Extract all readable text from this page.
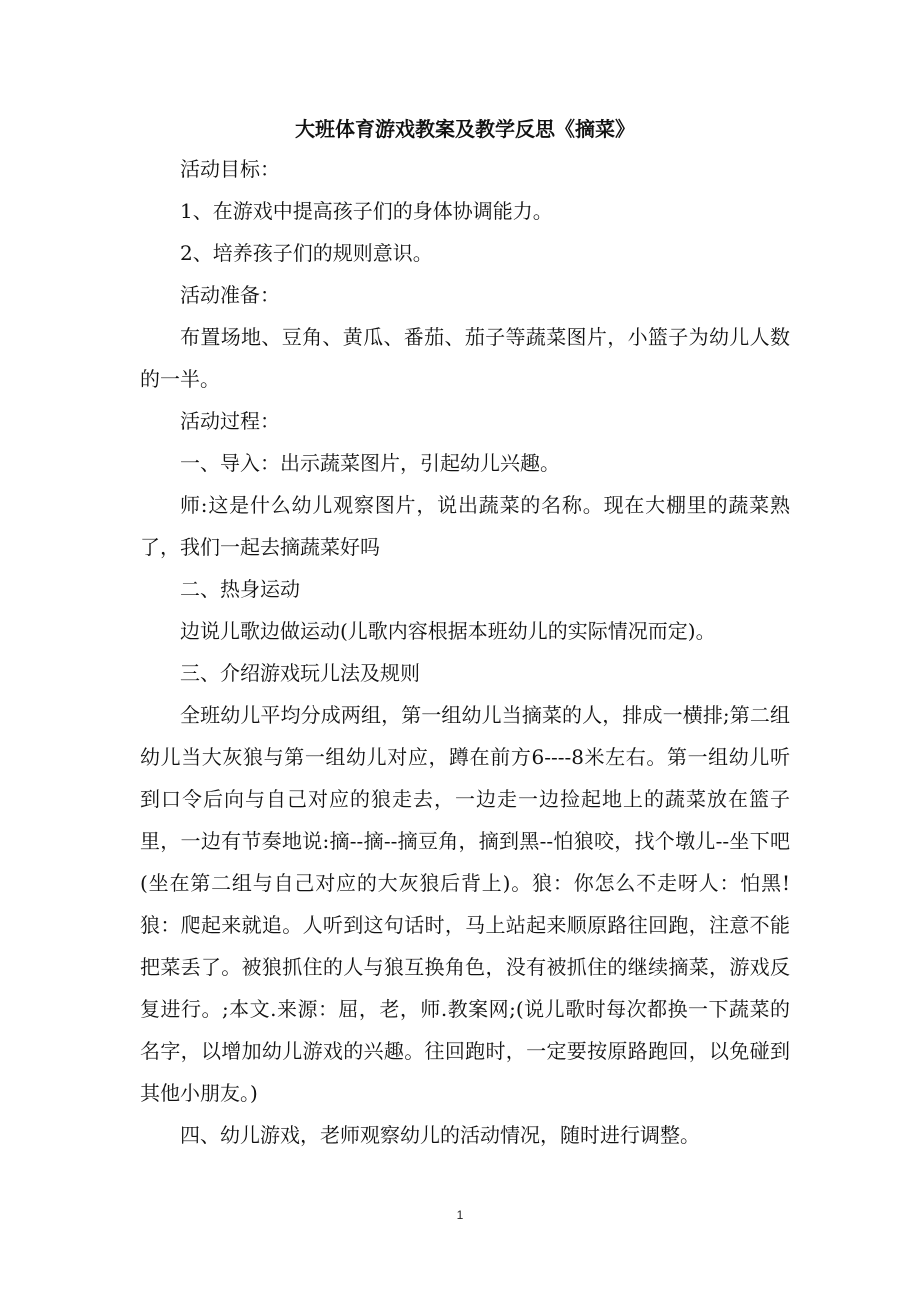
大班体育游戏教案及教学反思《摘菜》

活动目标：

1、在游戏中提高孩子们的身体协调能力。

2、培养孩子们的规则意识。

活动准备：

布置场地、豆角、黄瓜、番茄、茄子等蔬菜图片，小篮子为幼儿人数的一半。

活动过程：

一、导入：出示蔬菜图片，引起幼儿兴趣。

师:这是什么幼儿观察图片，说出蔬菜的名称。现在大棚里的蔬菜熟了，我们一起去摘蔬菜好吗

二、热身运动

边说儿歌边做运动(儿歌内容根据本班幼儿的实际情况而定)。

三、介绍游戏玩儿法及规则

全班幼儿平均分成两组，第一组幼儿当摘菜的人，排成一横排;第二组幼儿当大灰狼与第一组幼儿对应，蹲在前方6----8米左右。第一组幼儿听到口令后向与自己对应的狼走去，一边走一边捡起地上的蔬菜放在篮子里，一边有节奏地说:摘--摘--摘豆角，摘到黑--怕狼咬，找个墩儿--坐下吧(坐在第二组与自己对应的大灰狼后背上)。狼：你怎么不走呀人：怕黑!狼：爬起来就追。人听到这句话时，马上站起来顺原路往回跑，注意不能把菜丢了。被狼抓住的人与狼互换角色，没有被抓住的继续摘菜，游戏反复进行。;本文.来源：屈，老，师.教案网;(说儿歌时每次都换一下蔬菜的名字，以增加幼儿游戏的兴趣。往回跑时，一定要按原路跑回，以免碰到其他小朋友。)

四、幼儿游戏，老师观察幼儿的活动情况，随时进行调整。

1
